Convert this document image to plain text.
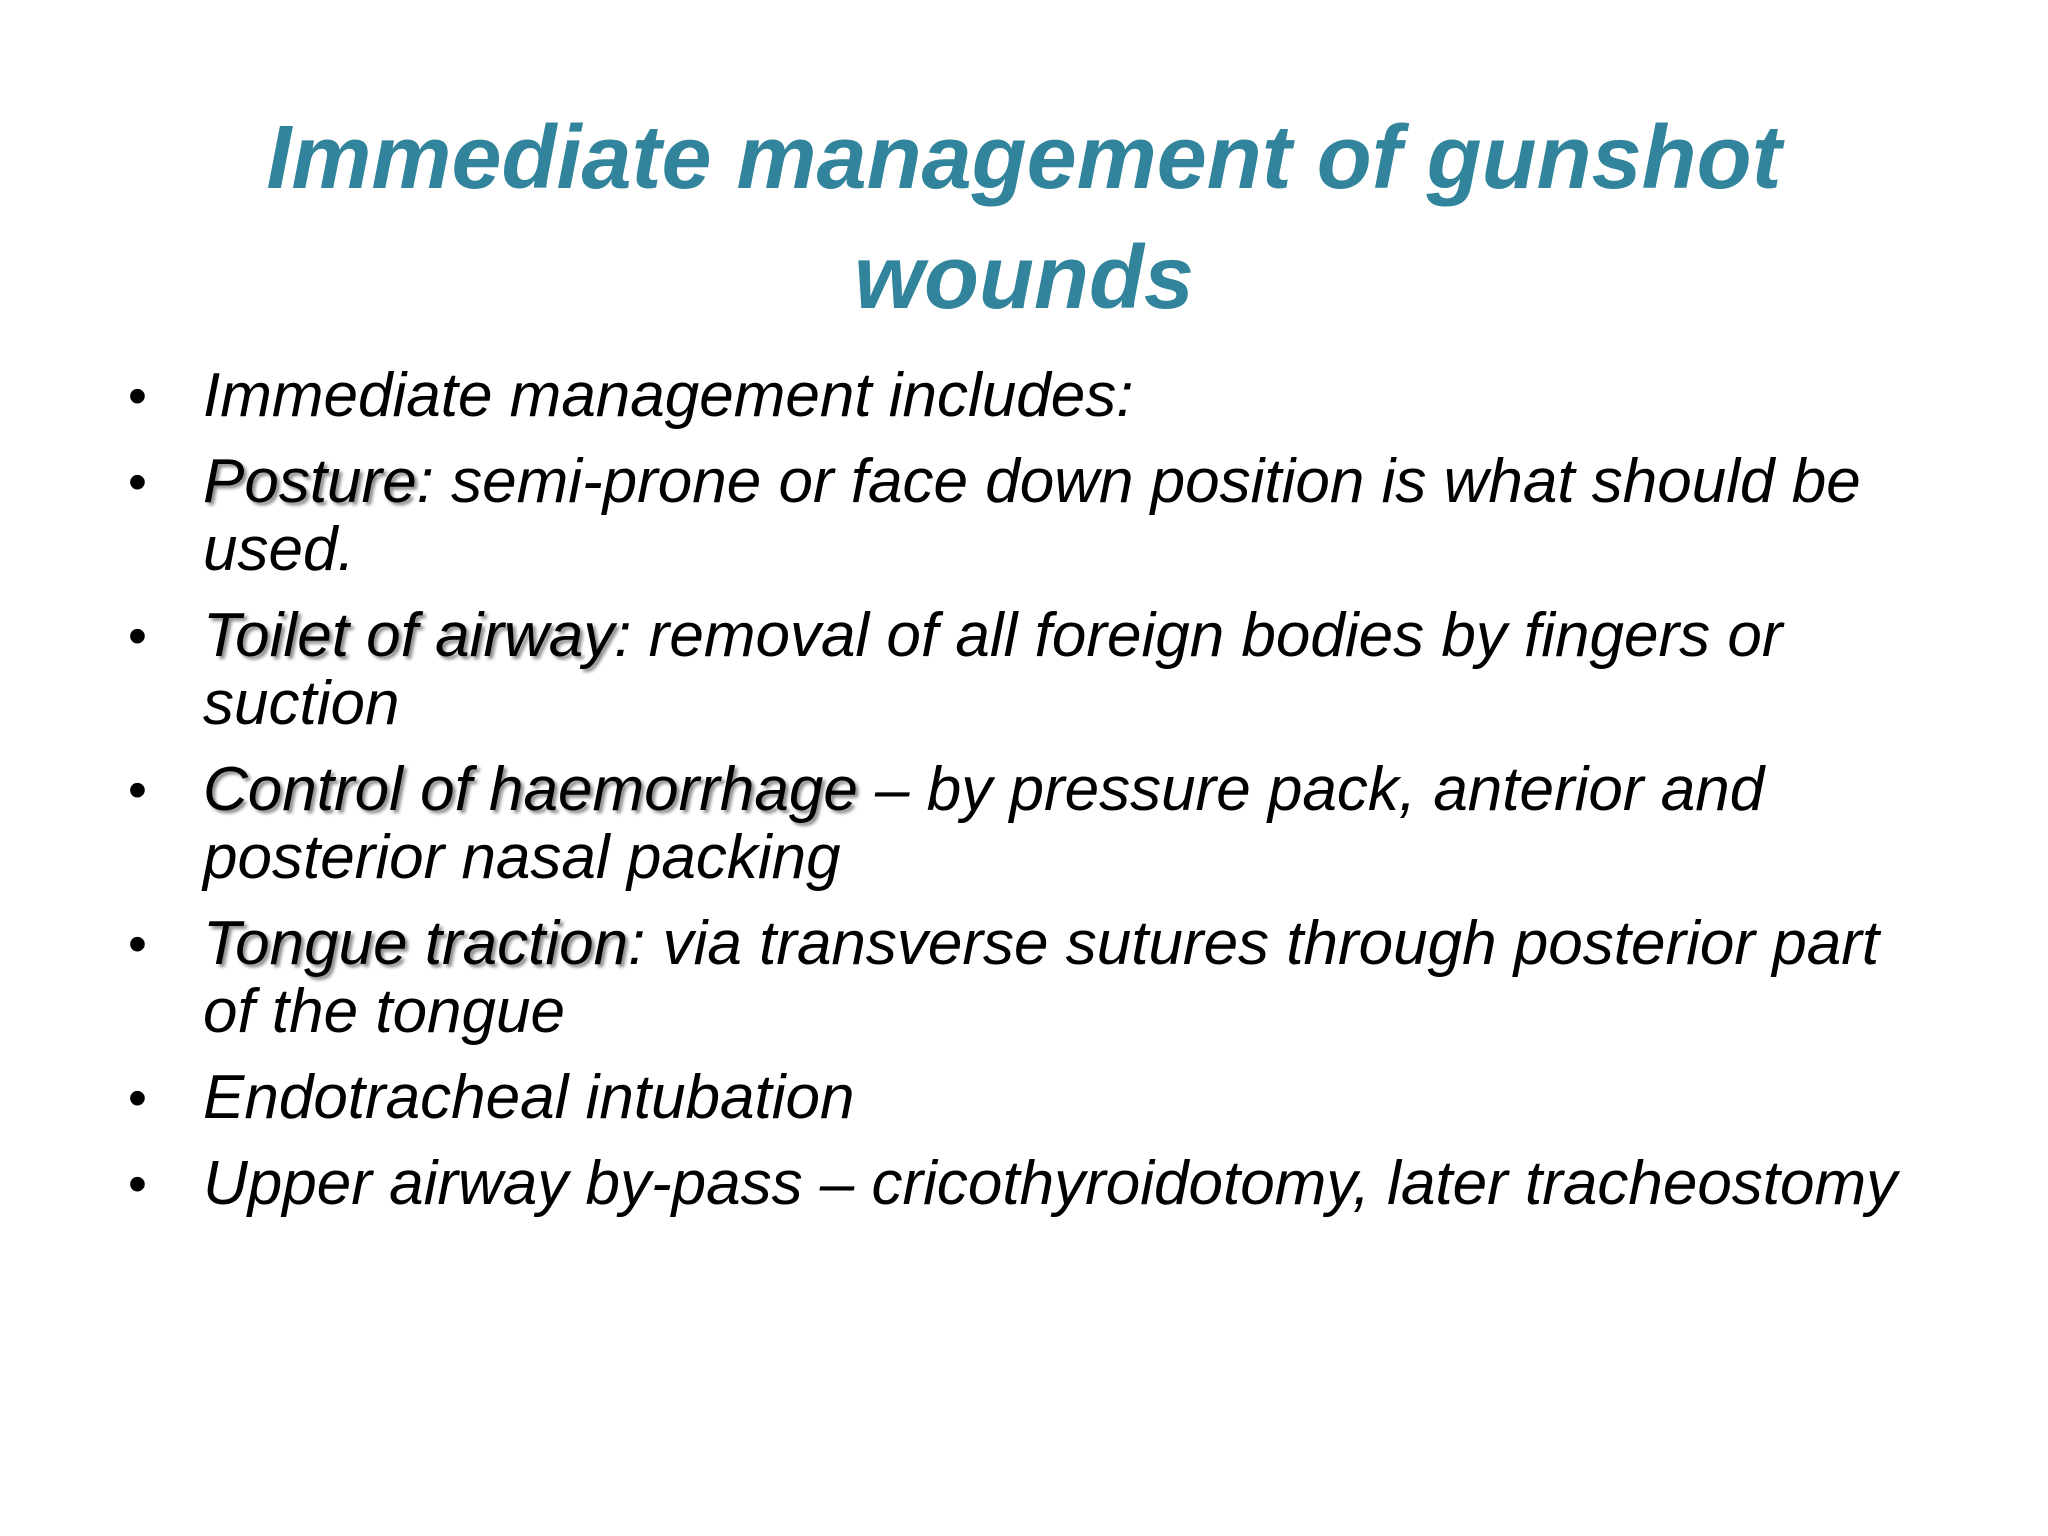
Immediate management of gunshot wounds
• Immediate management includes:
• Posture: semi-prone or face down position is what should be used.
• Toilet of airway: removal of all foreign bodies by fingers or suction
• Control of haemorrhage – by pressure pack, anterior and posterior nasal packing
• Tongue traction: via transverse sutures through posterior part of the tongue
• Endotracheal intubation
• Upper airway by-pass – cricothyroidotomy, later tracheostomy
